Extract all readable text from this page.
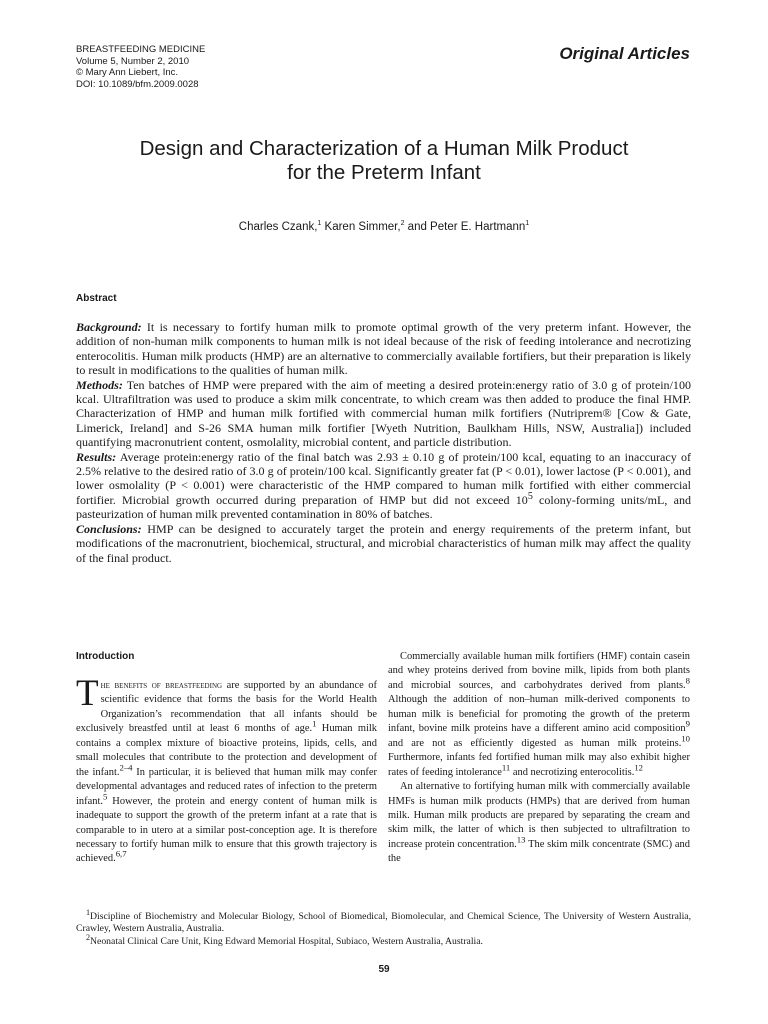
BREASTFEEDING MEDICINE
Volume 5, Number 2, 2010
© Mary Ann Liebert, Inc.
DOI: 10.1089/bfm.2009.0028
Original Articles
Design and Characterization of a Human Milk Product
for the Preterm Infant
Charles Czank,$^1$ Karen Simmer,$^2$ and Peter E. Hartmann$^1$
Abstract

Background: It is necessary to fortify human milk to promote optimal growth of the very preterm infant. However, the addition of non-human milk components to human milk is not ideal because of the risk of feeding intolerance and necrotizing enterocolitis. Human milk products (HMP) are an alternative to commercially available fortifiers, but their preparation is likely to result in modifications to the qualities of human milk.

Methods: Ten batches of HMP were prepared with the aim of meeting a desired protein:energy ratio of 3.0 g of protein/100 kcal. Ultrafiltration was used to produce a skim milk concentrate, to which cream was then added to produce the final HMP. Characterization of HMP and human milk fortified with commercial human milk fortifiers (Nutriprem® [Cow & Gate, Limerick, Ireland] and S-26 SMA human milk fortifier [Wyeth Nutrition, Baulkham Hills, NSW, Australia]) included quantifying macronutrient content, osmolality, microbial content, and particle distribution.

Results: Average protein:energy ratio of the final batch was 2.93 ± 0.10 g of protein/100 kcal, equating to an inaccuracy of 2.5% relative to the desired ratio of 3.0 g of protein/100 kcal. Significantly greater fat (P < 0.01), lower lactose (P < 0.001), and lower osmolality (P < 0.001) were characteristic of the HMP compared to human milk fortified with either commercial fortifier. Microbial growth occurred during preparation of HMP but did not exceed $10^5$ colony-forming units/mL, and pasteurization of human milk prevented contamination in 80% of batches.

Conclusions: HMP can be designed to accurately target the protein and energy requirements of the preterm infant, but modifications of the macronutrient, biochemical, structural, and microbial characteristics of human milk may affect the quality of the final product.

Introduction

The benefits of breastfeeding are supported by an abundance of scientific evidence that forms the basis for the World Health Organization’s recommendation that all infants should be exclusively breastfed until at least 6 months of age.$^1$ Human milk contains a complex mixture of bioactive proteins, lipids, cells, and small molecules that contribute to the protection and development of the infant.$^{2-4}$ In particular, it is believed that human milk may confer developmental advantages and reduced rates of infection to the preterm infant.$^5$ However, the protein and energy content of human milk is inadequate to support the growth of the preterm infant at a rate that is comparable to in utero at a similar post-conception age. It is therefore necessary to fortify human milk to ensure that this growth trajectory is achieved.$^{6,7}$

Commercially available human milk fortifiers (HMF) contain casein and whey proteins derived from bovine milk, lipids from both plants and microbial sources, and carbohydrates derived from plants.$^8$ Although the addition of non–human milk-derived components to human milk is beneficial for promoting the growth of the preterm infant, bovine milk proteins have a different amino acid composition$^9$ and are not as efficiently digested as human milk proteins.$^{10}$ Furthermore, infants fed fortified human milk may also exhibit higher rates of feeding intolerance$^{11}$ and necrotizing enterocolitis.$^{12}$

An alternative to fortifying human milk with commercially available HMFs is human milk products (HMPs) that are derived from human milk. Human milk products are prepared by separating the cream and skim milk, the latter of which is then subjected to ultrafiltration to increase protein concentration.$^{13}$ The skim milk concentrate (SMC) and the

$^1$Discipline of Biochemistry and Molecular Biology, School of Biomedical, Biomolecular, and Chemical Science, The University of Western Australia, Crawley, Western Australia, Australia.

$^2$Neonatal Clinical Care Unit, King Edward Memorial Hospital, Subiaco, Western Australia, Australia.

59
